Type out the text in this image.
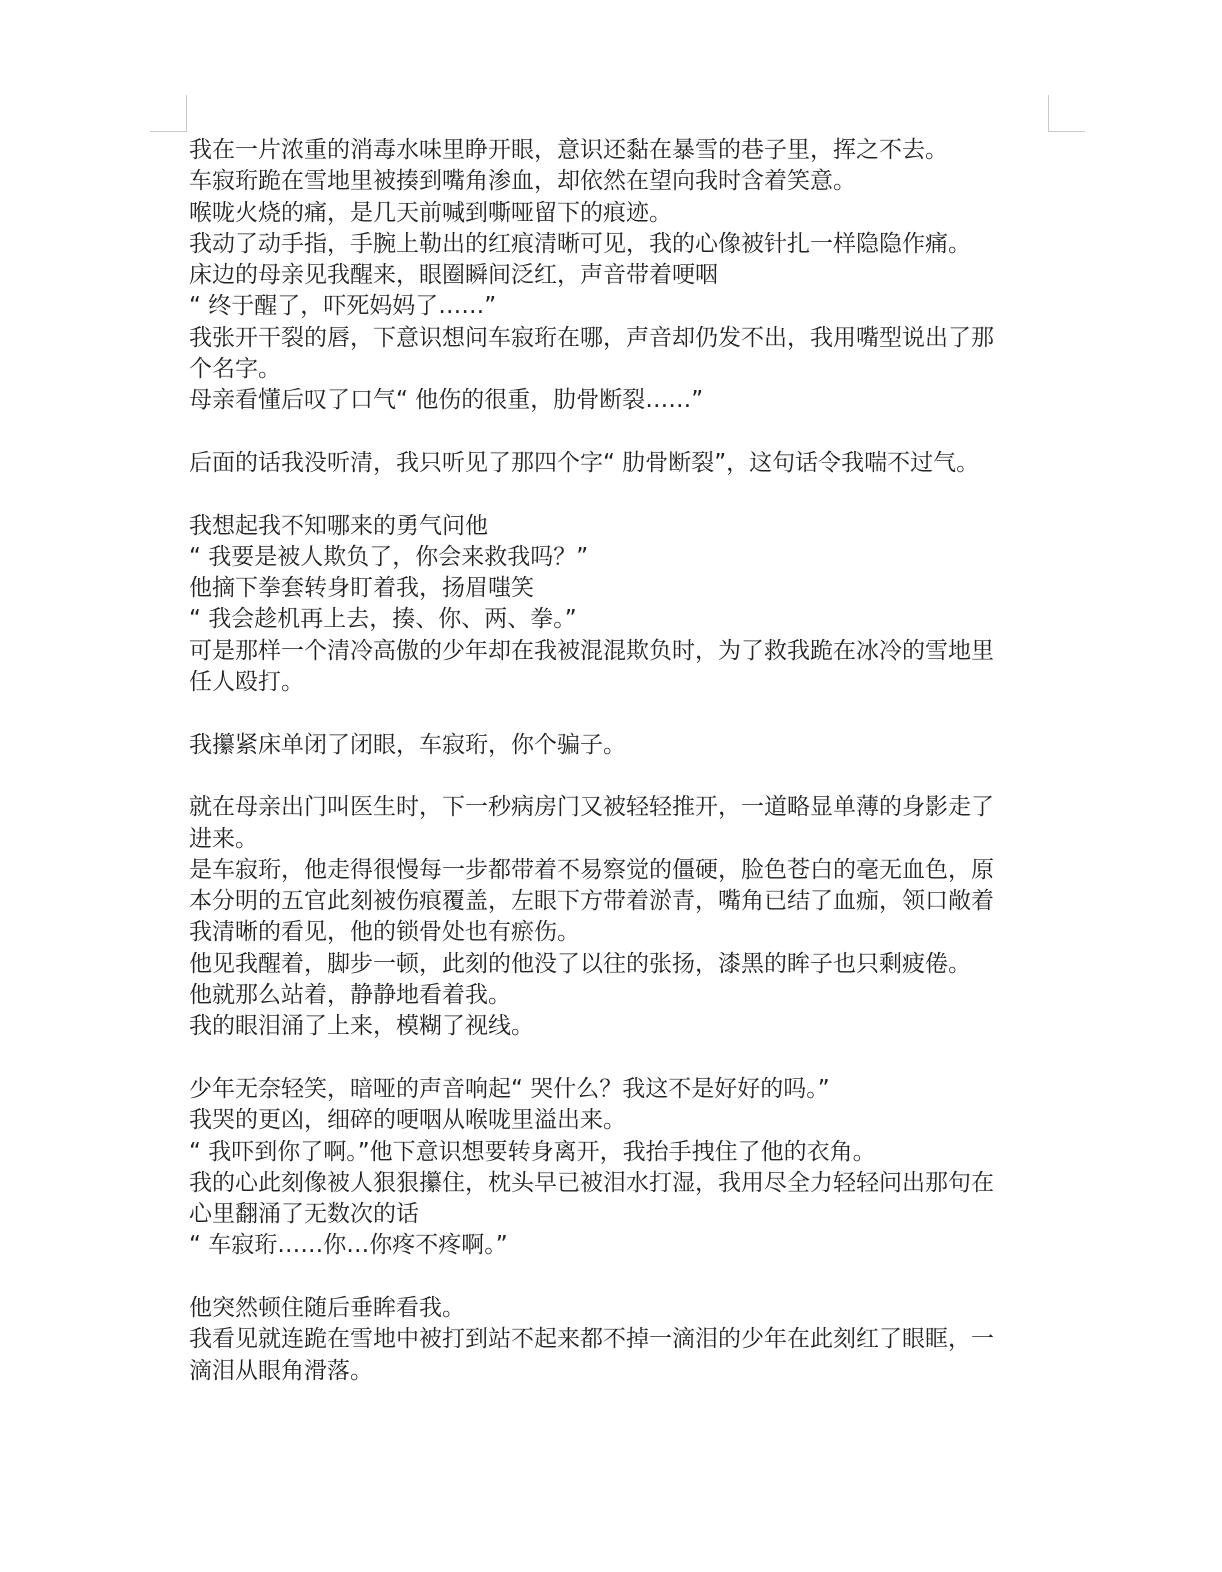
我在一片浓重的消毒水味里睁开眼，意识还黏在暴雪的巷子里，挥之不去。

车寂珩跪在雪地里被揍到嘴角渗血，却依然在望向我时含着笑意。

喉咙火烧的痛，是几天前喊到嘶哑留下的痕迹。

我动了动手指，手腕上勒出的红痕清晰可见，我的心像被针扎一样隐隐作痛。

床边的母亲见我醒来，眼圈瞬间泛红，声音带着哽咽

“ 终于醒了，吓死妈妈了……”

我张开干裂的唇，下意识想问车寂珩在哪，声音却仍发不出，我用嘴型说出了那

个名字。

母亲看懂后叹了口气“ 他伤的很重，肋骨断裂……”

后面的话我没听清，我只听见了那四个字“ 肋骨断裂”，这句话令我喘不过气。

我想起我不知哪来的勇气问他

“ 我要是被人欺负了，你会来救我吗？”

他摘下拳套转身盯着我，扬眉嗤笑

“ 我会趁机再上去，揍、你、两、拳。”

可是那样一个清冷高傲的少年却在我被混混欺负时，为了救我跪在冰冷的雪地里

任人殴打。

我攥紧床单闭了闭眼，车寂珩，你个骗子。

就在母亲出门叫医生时，下一秒病房门又被轻轻推开，一道略显单薄的身影走了

进来。

是车寂珩，他走得很慢每一步都带着不易察觉的僵硬，脸色苍白的毫无血色，原

本分明的五官此刻被伤痕覆盖，左眼下方带着淤青，嘴角已结了血痂，领口敞着

我清晰的看见，他的锁骨处也有瘀伤。

他见我醒着，脚步一顿，此刻的他没了以往的张扬，漆黑的眸子也只剩疲倦。

他就那么站着，静静地看着我。

我的眼泪涌了上来，模糊了视线。

少年无奈轻笑，暗哑的声音响起“ 哭什么？我这不是好好的吗。”

我哭的更凶，细碎的哽咽从喉咙里溢出来。

“ 我吓到你了啊。”他下意识想要转身离开，我抬手拽住了他的衣角。

我的心此刻像被人狠狠攥住，枕头早已被泪水打湿，我用尽全力轻轻问出那句在

心里翻涌了无数次的话

“ 车寂珩……你…你疼不疼啊。”

他突然顿住随后垂眸看我。

我看见就连跪在雪地中被打到站不起来都不掉一滴泪的少年在此刻红了眼眶，一

滴泪从眼角滑落。
